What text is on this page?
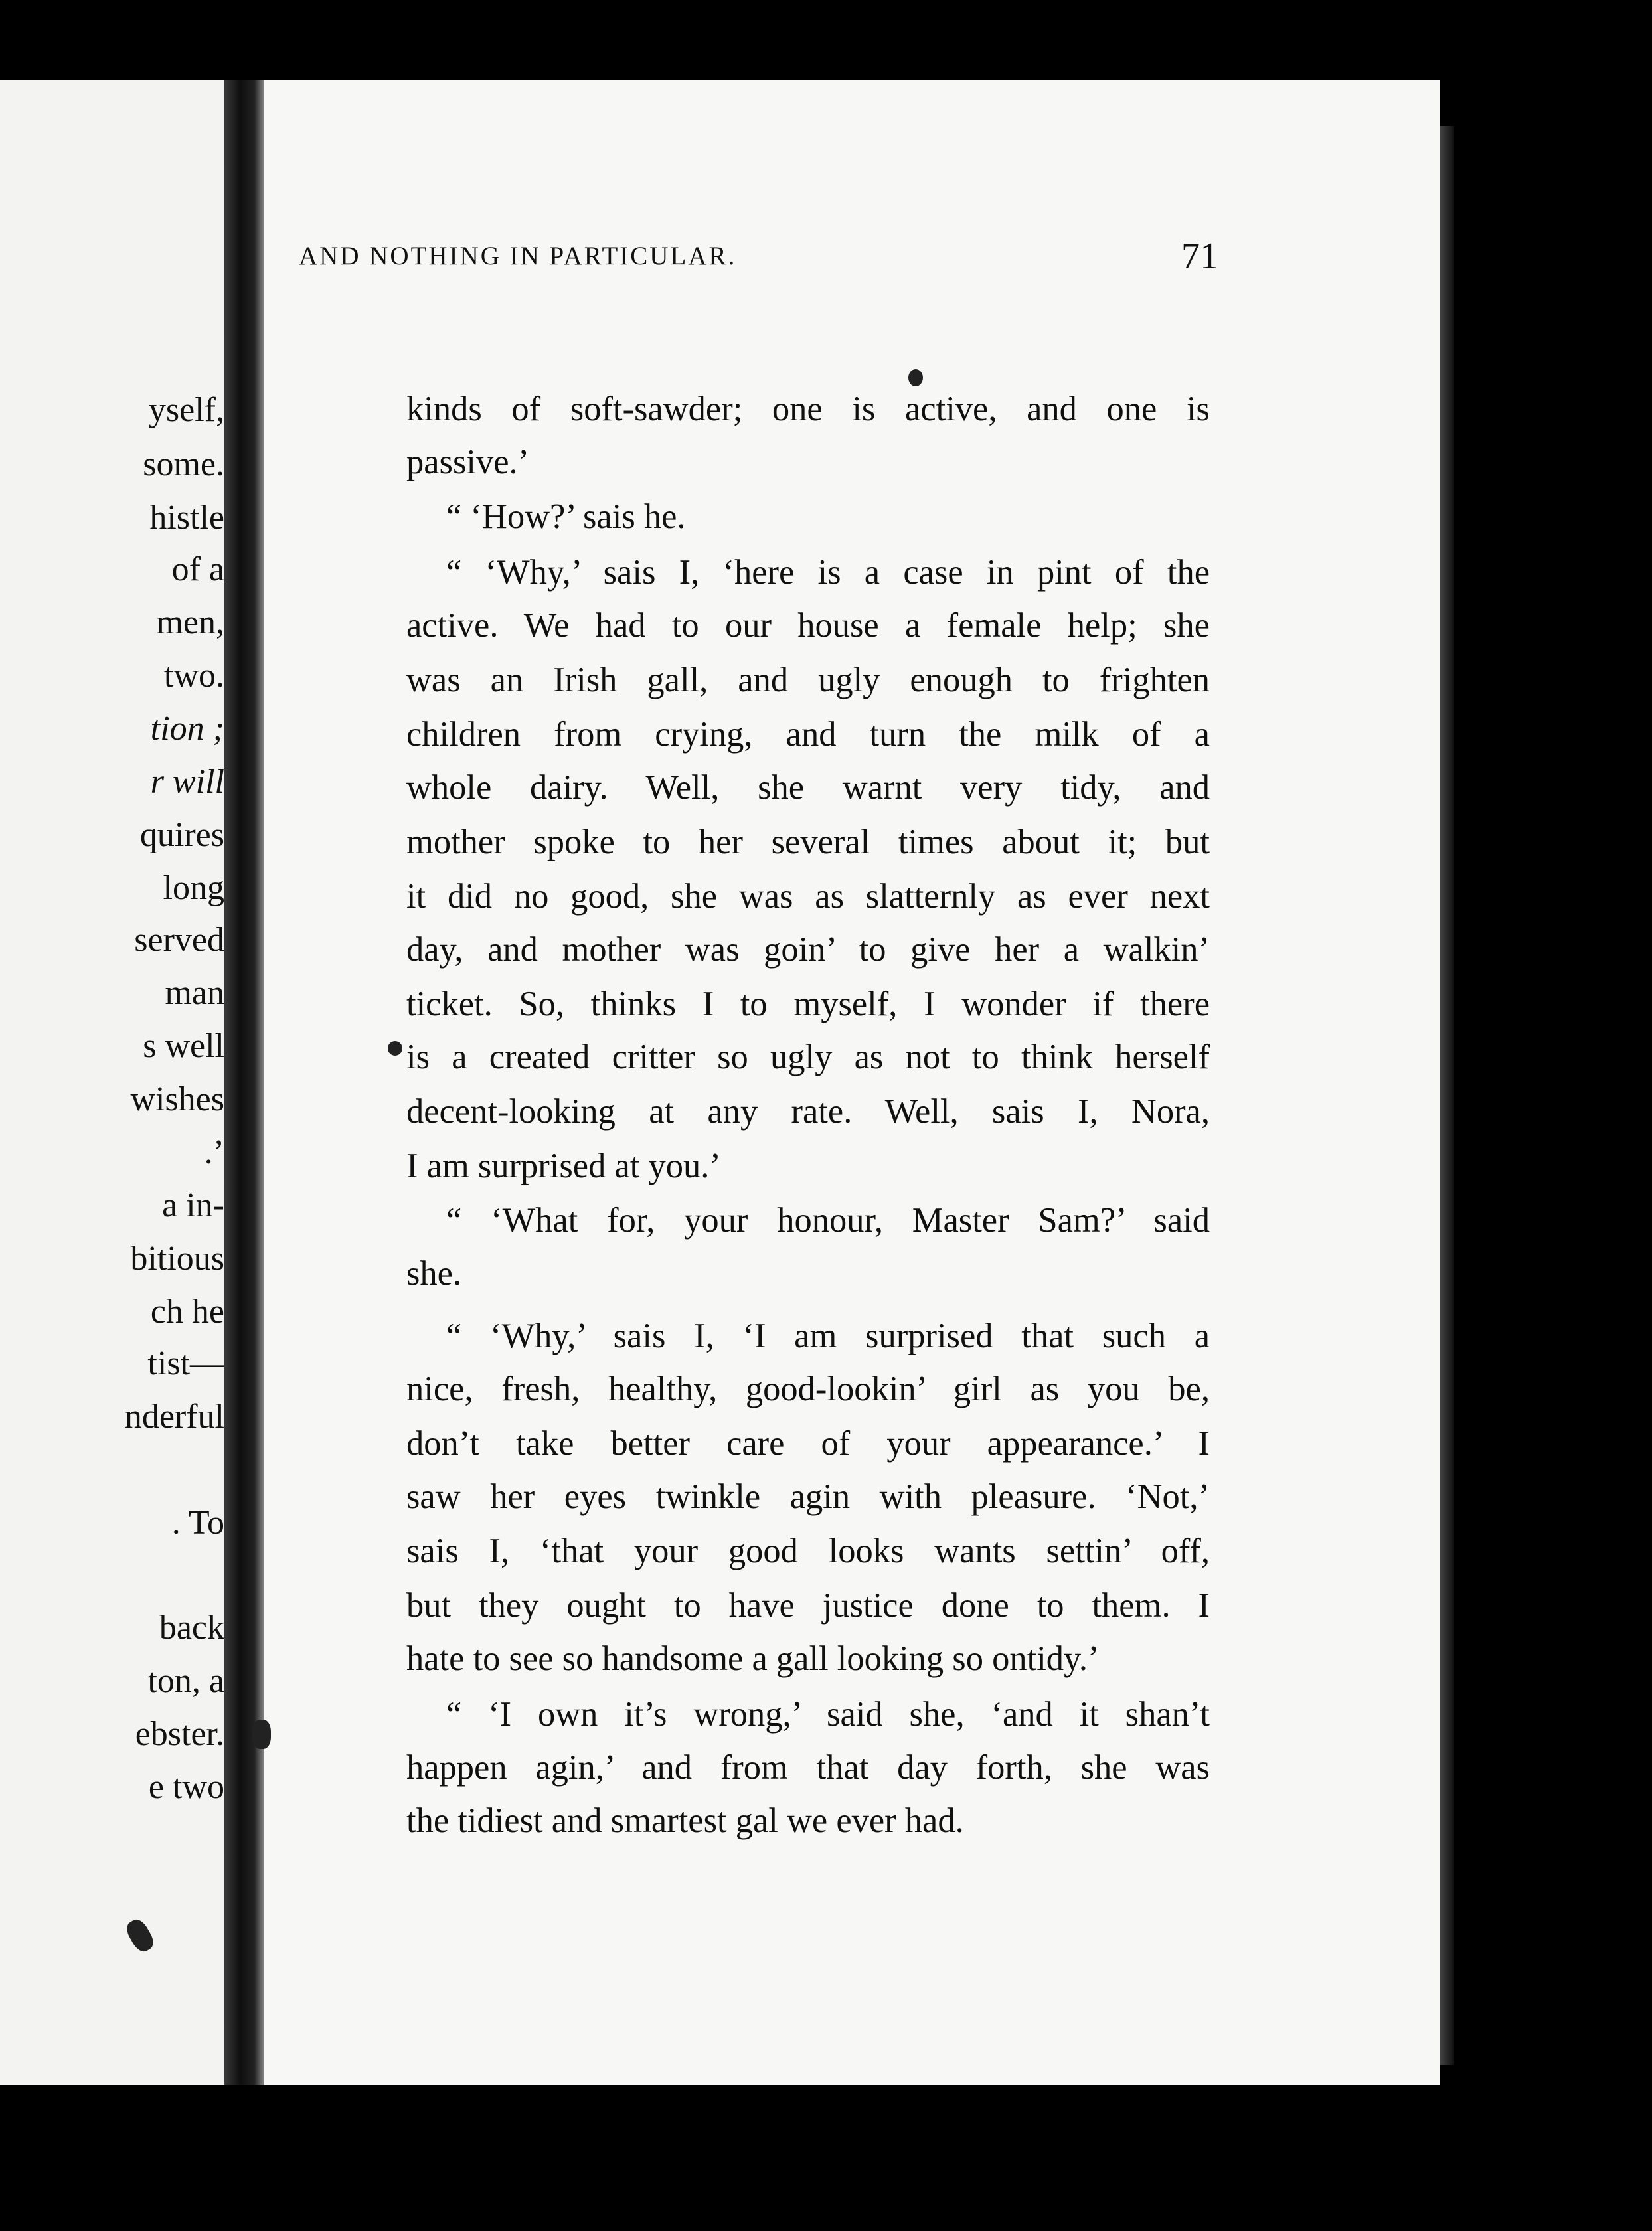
yself,
some.
histle
of a
men,
two.
tion ;
r will
quires
long
served
man
s well
wishes
.’
a in-
bitious
ch he
tist—
nderful
. To
back
ton, a
ebster.
e two
AND NOTHING IN PARTICULAR.	71
kinds of soft-sawder; one is active, and one is
passive.’
“ ‘How?’ sais he.
“ ‘Why,’ sais I, ‘here is a case in pint of the
active. We had to our house a female help; she
was an Irish gall, and ugly enough to frighten
children from crying, and turn the milk of a
whole dairy. Well, she warnt very tidy, and
mother spoke to her several times about it; but
it did no good, she was as slatternly as ever next
day, and mother was goin’ to give her a walkin’
ticket. So, thinks I to myself, I wonder if there
is a created critter so ugly as not to think herself
decent-looking at any rate. Well, sais I, Nora,
I am surprised at you.’
“ ‘What for, your honour, Master Sam?’ said
she.
“ ‘Why,’ sais I, ‘I am surprised that such a
nice, fresh, healthy, good-lookin’ girl as you be,
don’t take better care of your appearance.’ I
saw her eyes twinkle agin with pleasure. ‘Not,’
sais I, ‘that your good looks wants settin’ off,
but they ought to have justice done to them. I
hate to see so handsome a gall looking so ontidy.’
“ ‘I own it’s wrong,’ said she, ‘and it shan’t
happen agin,’ and from that day forth, she was
the tidiest and smartest gal we ever had.
